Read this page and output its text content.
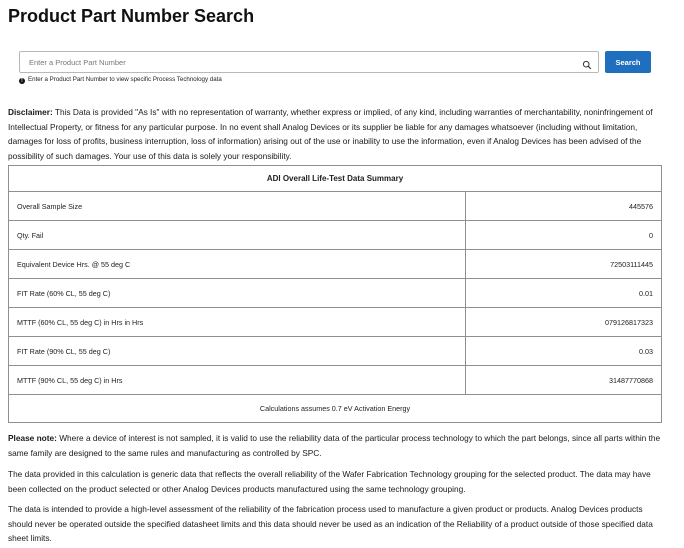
Product Part Number Search
Enter a Product Part Number
Search
! Enter a Product Part Number to view specific Process Technology data

Disclaimer: This Data is provided "As Is" with no representation of warranty, whether express or implied, of any kind, including warranties of merchantability, noninfringement of Intellectual Property, or fitness for any particular purpose. In no event shall Analog Devices or its supplier be liable for any damages whatsoever (including without limitation, damages for loss of profits, business interruption, loss of information) arising out of the use or inability to use the information, even if Analog Devices has been advised of the possibility of such damages. Your use of this data is solely your responsibility.

ADI Overall Life-Test Data Summary	
Overall Sample Size	445576
Qty. Fail	0
Equivalent Device Hrs. @ 55 deg C	72503111445
FIT Rate (60% CL, 55 deg C)	0.01
MTTF (60% CL, 55 deg C) in Hrs in Hrs	079126817323
FIT Rate (90% CL, 55 deg C)	0.03
MTTF (90% CL, 55 deg C) in Hrs	31487770868
Calculations assumes 0.7 eV Activation Energy	

Please note: Where a device of interest is not sampled, it is valid to use the reliability data of the particular process technology to which the part belongs, since all parts within the same family are designed to the same rules and manufacturing as controlled by SPC.

The data provided in this calculation is generic data that reflects the overall reliability of the Wafer Fabrication Technology grouping for the selected product. The data may have been collected on the product selected or other Analog Devices products manufactured using the same technology grouping.

The data is intended to provide a high-level assessment of the reliability of the fabrication process used to manufacture a given product or products. Analog Devices products should never be operated outside the specified datasheet limits and this data should never be used as an indication of the Reliability of a product outside of those specified data sheet limits.
